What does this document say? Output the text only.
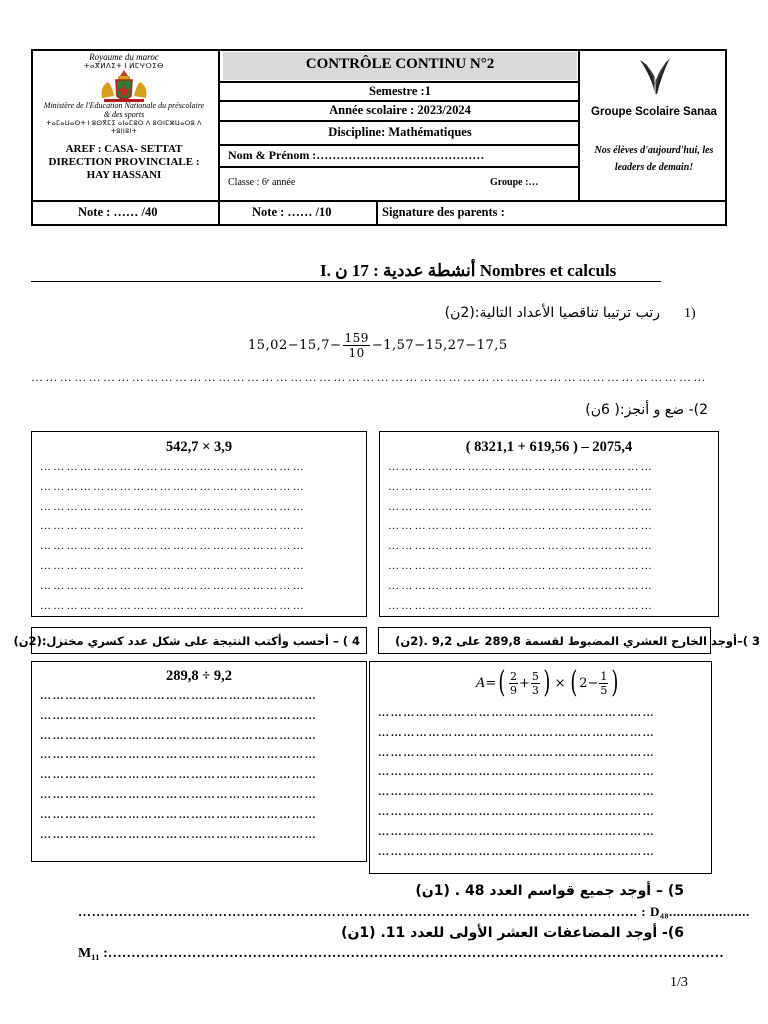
Royaume du maroc
ⵜⴰⴳⵍⴷⵉⵜ ⵏ ⵍⵎⵖⵔⵉⴱ
Ministère de l'Education Nationale du préscolaire & des sports
ⵜⴰⵎⴰⵡⴰⵙⵜ ⵏ ⵓⵙⴳⵎⵉ ⴰⵏⴰⵎⵓⵔ ⴷ ⵓⵙⵏⵎⵣⵡⴰⵔⵓ ⴷ ⵜⵓⵏⵏⵓⵏⵜ
AREF : CASA- SETTAT DIRECTION PROVINCIALE : HAY HASSANI
CONTRÔLE CONTINU N°2
Semestre :1
Année scolaire : 2023/2024
Discipline: Mathématiques
Nom & Prénom :……………………………………
Classe : 6ᵉ année	Groupe :…
Groupe Scolaire Sanaa
Nos élèves d'aujourd'hui, les leaders de demain!
Note : …… /40	Note : …… /10	Signature des parents :
I. أنشطة عددية : 17 ن Nombres et calculs
1)
رتب ترتيبا تناقصيا الأعداد التالية:(2ن)
$15,02-15,7- \frac{159}{10} -1,57-15,27-17,5$
……………………………………………………………………………………………………………………………
2)- ضع و أنجز:( 6ن)
542,7 × 3,9
……………………………………………………
……………………………………………………
……………………………………………………
……………………………………………………
……………………………………………………
……………………………………………………
……………………………………………………
……………………………………………………
( 8321,1 + 619,56 ) – 2075,4
……………………………………………………
……………………………………………………
……………………………………………………
……………………………………………………
……………………………………………………
……………………………………………………
……………………………………………………
……………………………………………………
4 ) – أحسب وأكتب النتيجة على شكل عدد كسري مختزل:(2ن)	3 )–أوجد الخارج العشري المضبوط لقسمة 289,8 على 9,2 .(2ن)
289,8 ÷ 9,2
…………………………………………………………
…………………………………………………………
…………………………………………………………
…………………………………………………………
…………………………………………………………
…………………………………………………………
…………………………………………………………
…………………………………………………………
…………………………………………………………
…………………………………………………………
…………………………………………………………
…………………………………………………………
…………………………………………………………
…………………………………………………………
…………………………………………………………
…………………………………………………………
A= ( 2
$9 + \frac{5}{3}$ ) × ( $2- \frac{1}{5}$ )
5) – أوجد جميع قواسم العدد 48 . (1ن)
………………………………………………………………………………………..………………….. : D₄₈.....................
6)- أوجد المضاعفات العشر الأولى للعدد 11. (1ن)
M₁₁ :……………………………………………………………………………………………………………………
1/3
